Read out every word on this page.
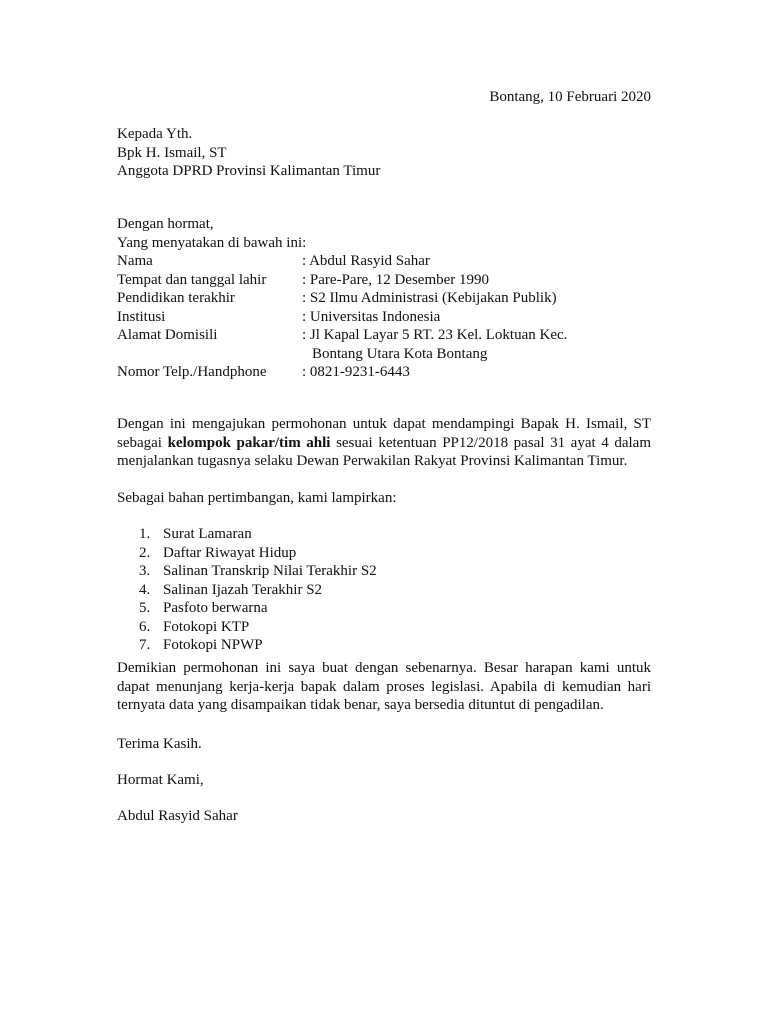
Bontang, 10 Februari 2020
Kepada Yth.
Bpk H. Ismail, ST
Anggota DPRD Provinsi Kalimantan Timur
Dengan hormat,
Yang menyatakan di bawah ini:
Nama	: Abdul Rasyid Sahar
Tempat dan tanggal lahir	: Pare-Pare, 12 Desember 1990
Pendidikan terakhir	: S2 Ilmu Administrasi (Kebijakan Publik)
Institusi	: Universitas Indonesia
Alamat Domisili	: Jl Kapal Layar 5 RT. 23 Kel. Loktuan Kec.
Bontang Utara Kota Bontang
Nomor Telp./Handphone	: 0821-9231-6443
Dengan ini mengajukan permohonan untuk dapat mendampingi Bapak H. Ismail, ST sebagai kelompok pakar/tim ahli sesuai ketentuan PP12/2018 pasal 31 ayat 4 dalam menjalankan tugasnya selaku Dewan Perwakilan Rakyat Provinsi Kalimantan Timur.
Sebagai bahan pertimbangan, kami lampirkan:
1. Surat Lamaran
2. Daftar Riwayat Hidup
3. Salinan Transkrip Nilai Terakhir S2
4. Salinan Ijazah Terakhir S2
5. Pasfoto berwarna
6. Fotokopi KTP
7. Fotokopi NPWP
Demikian permohonan ini saya buat dengan sebenarnya. Besar harapan kami untuk dapat menunjang kerja-kerja bapak dalam proses legislasi. Apabila di kemudian hari ternyata data yang disampaikan tidak benar, saya bersedia dituntut di pengadilan.
Terima Kasih.
Hormat Kami,
Abdul Rasyid Sahar
